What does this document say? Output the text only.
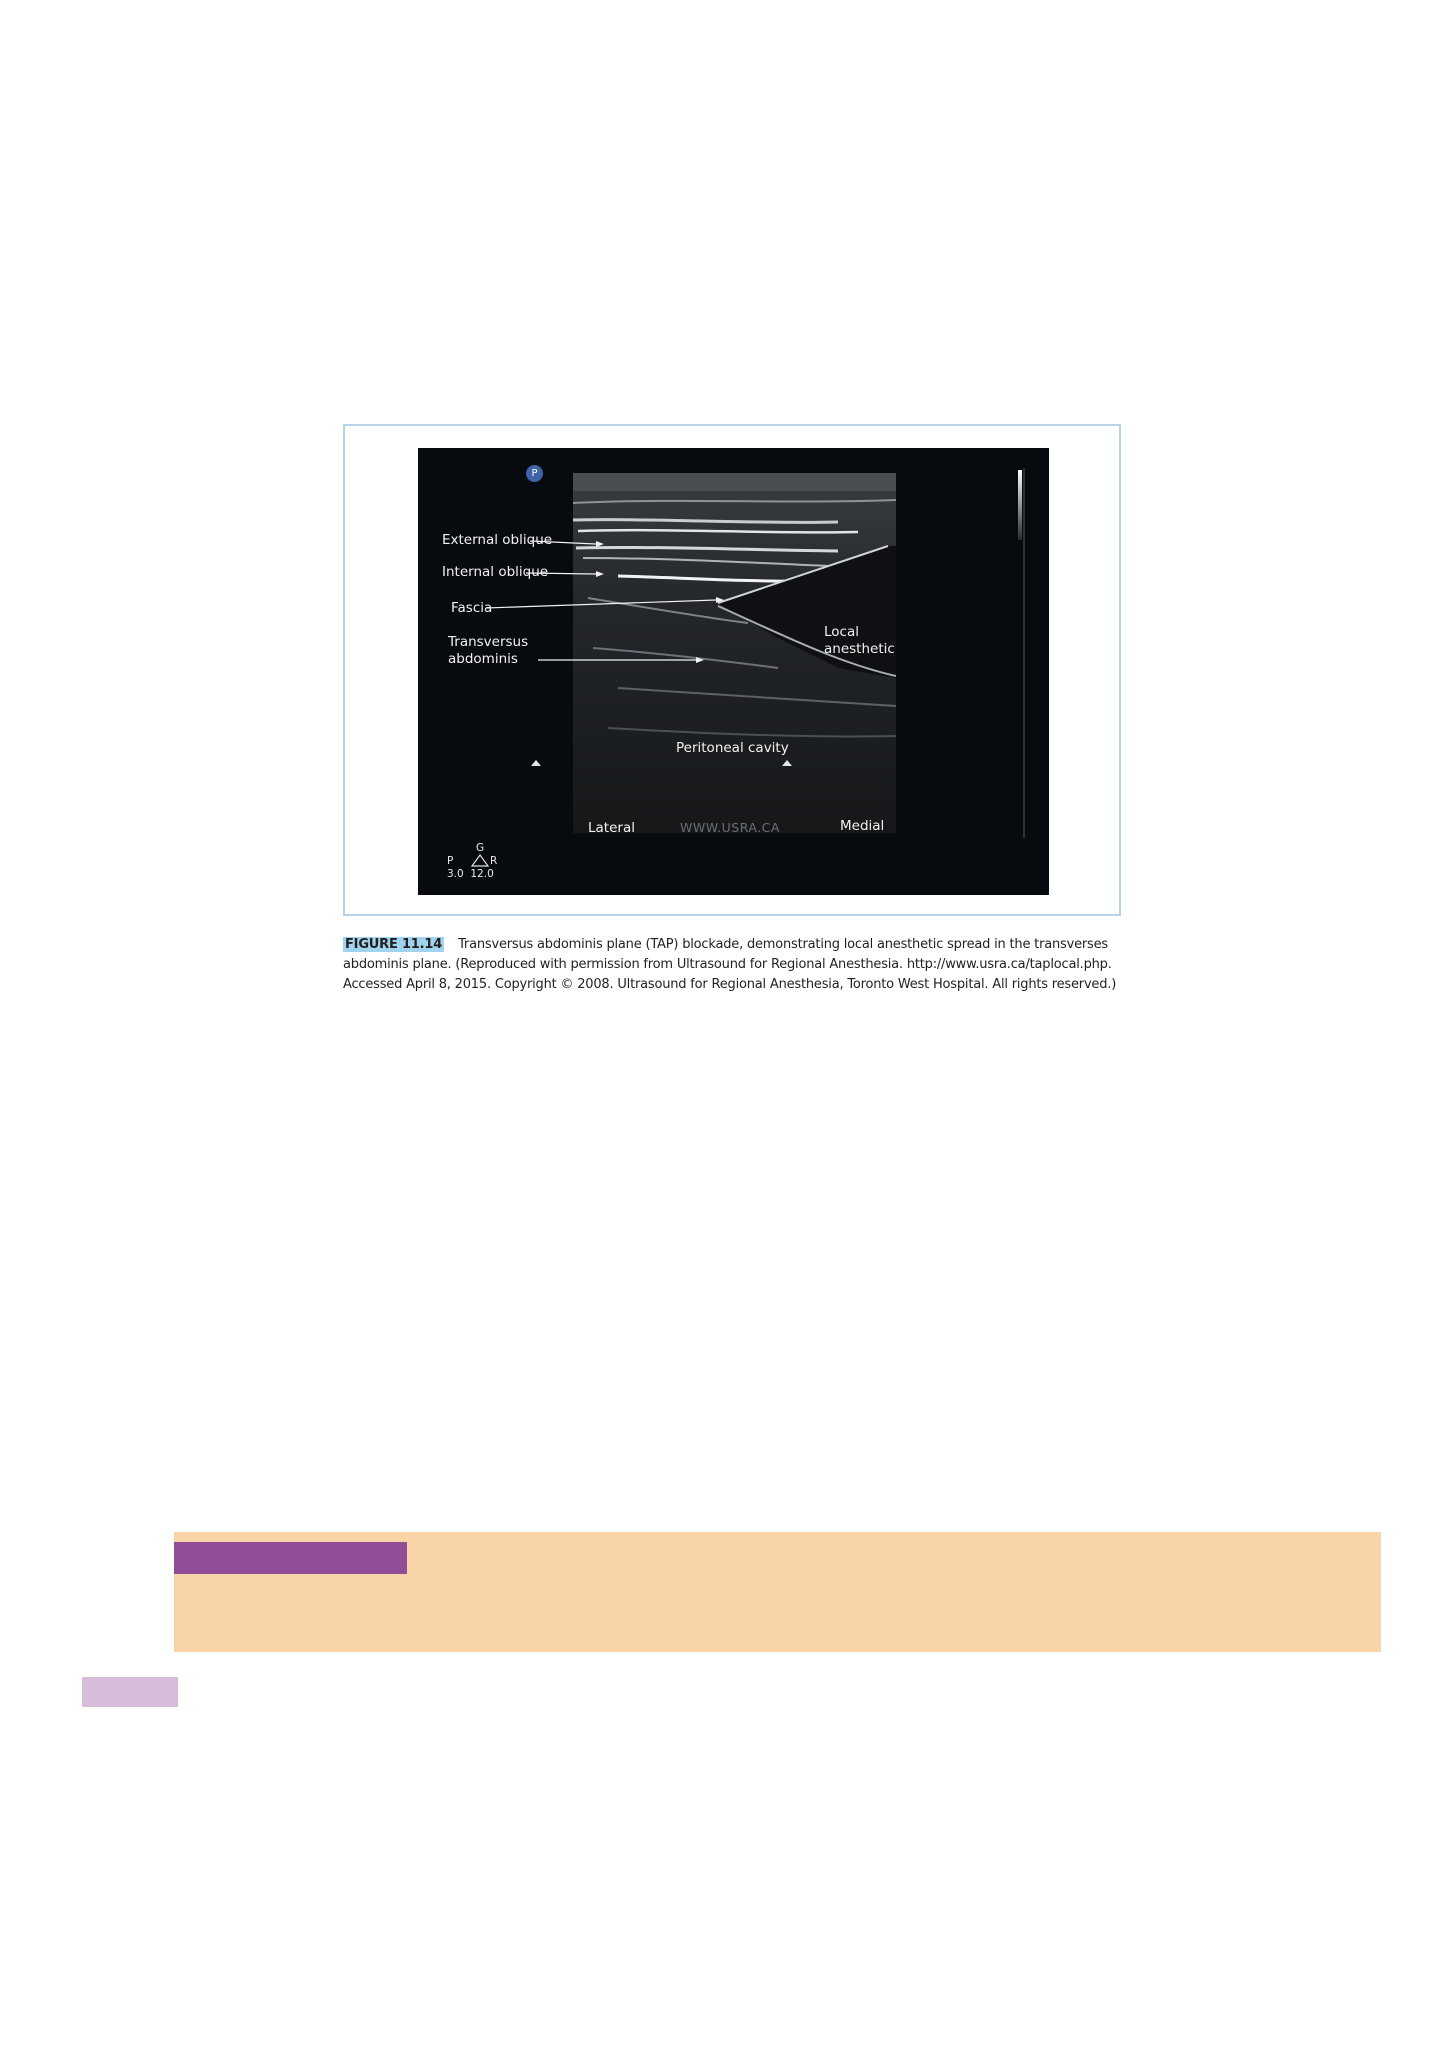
P
External oblique
Internal oblique
Fascia
Transversus
abdominis
Local
anesthetic
Peritoneal cavity
Lateral	Medial
WWW.USRA.CA
G
P	R
3.0  12.0
FIGURE 11.14 Transversus abdominis plane (TAP) blockade, demonstrating local anesthetic spread in the transverses abdominis plane. (Reproduced with permission from Ultrasound for Regional Anesthesia. http://www.usra.ca/taplocal.php. Accessed April 8, 2015. Copyright © 2008. Ultrasound for Regional Anesthesia, Toronto West Hospital. All rights reserved.)
